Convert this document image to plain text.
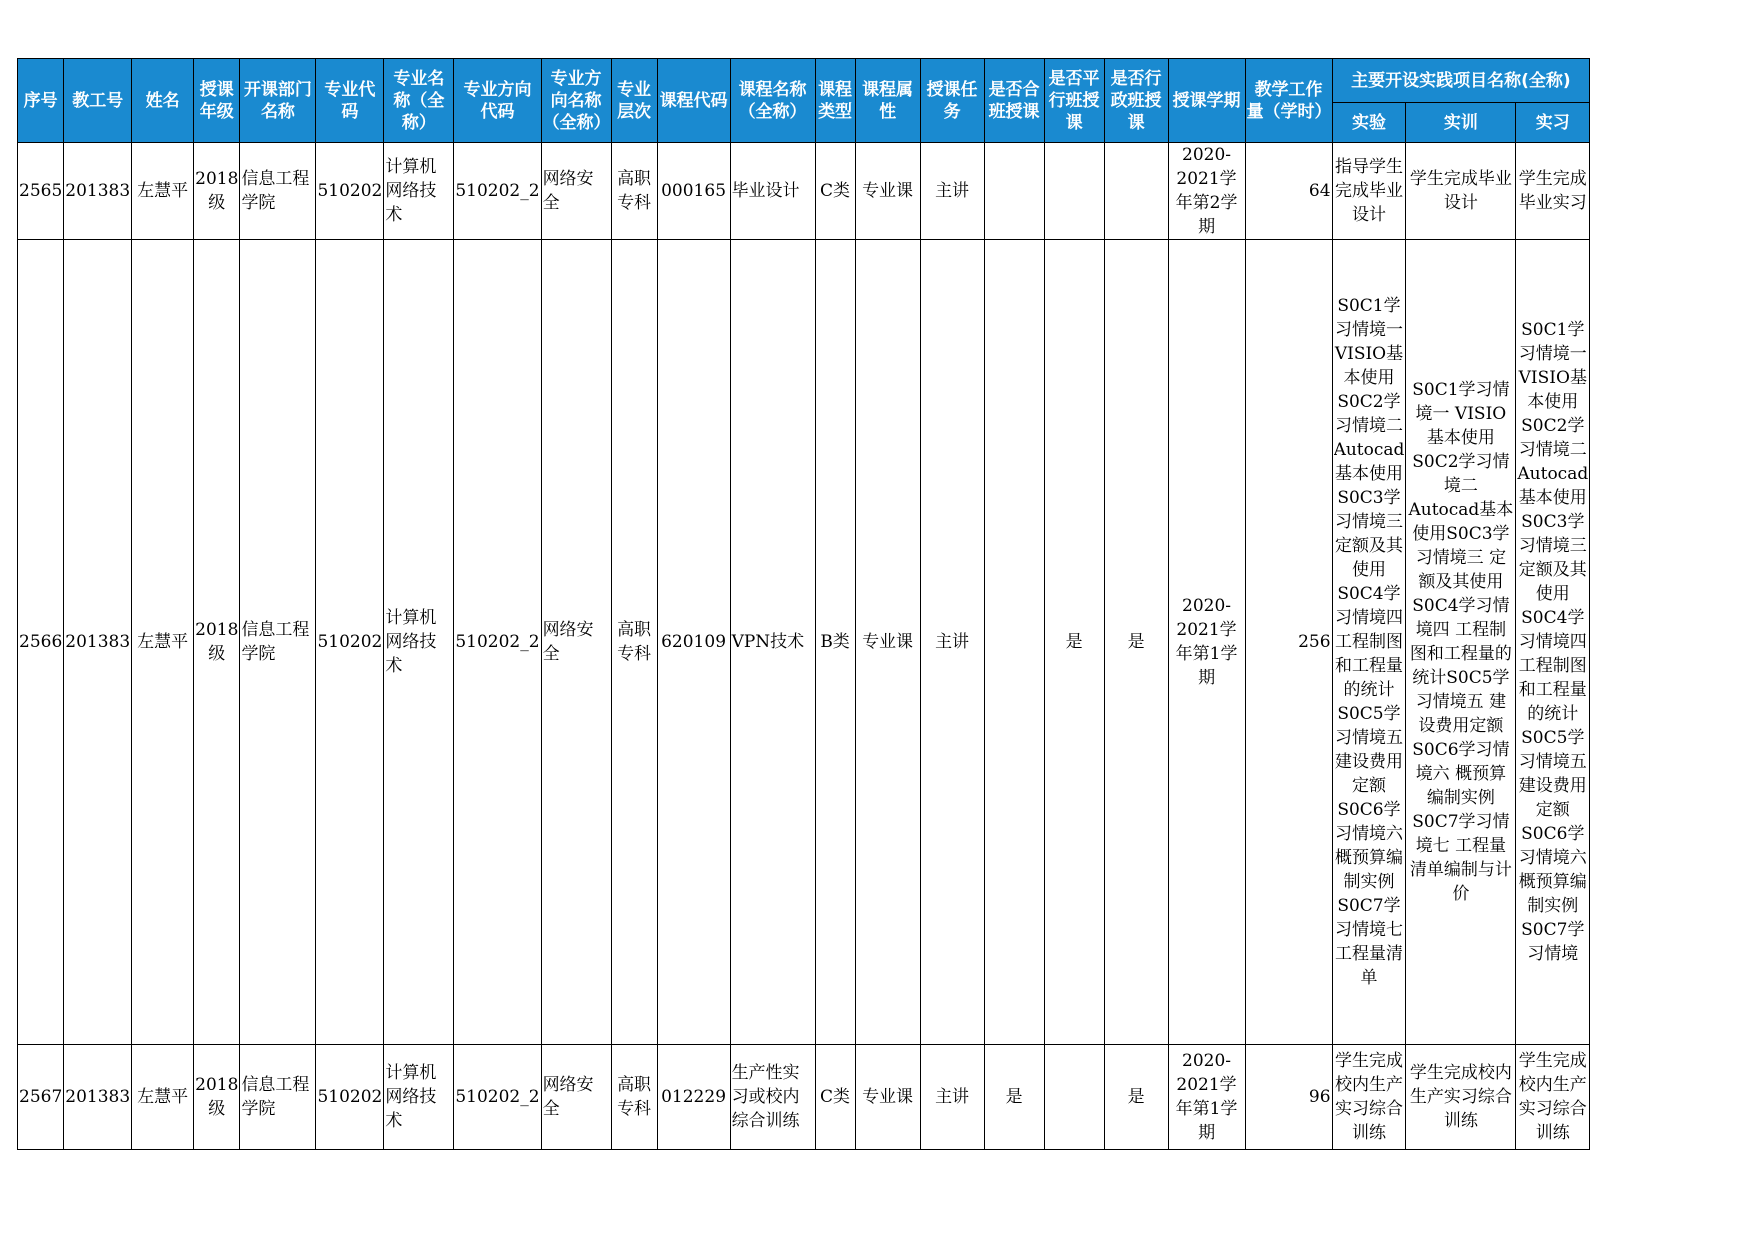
序号	教工号	姓名	授课年级	开课部门名称	专业代码	专业名称（全称）	专业方向代码	专业方向名称（全称）	专业层次	课程代码	课程名称（全称）	课程类型	课程属性	授课任务	是否合班授课	是否平行班授课	是否行政班授课	授课学期	教学工作量（学时）	主要开设实践项目名称(全称)		
																				实验	实训	实习
2565	201383	左慧平	2018级	信息工程学院	510202	计算机网络技术	510202_2	网络安全	高职专科	000165	毕业设计	C类	专业课	主讲				2020-2021学年第2学期	64	指导学生完成毕业设计	学生完成毕业设计	学生完成毕业实习

2566	201383	左慧平	2018级	信息工程学院	510202	计算机网络技术	510202_2	网络安全	高职专科	620109	VPN技术	B类	专业课	主讲		是	是	2020-2021学年第1学期	256	S0C1学习情境一 VISIO基本使用S0C2学习情境二 Autocad基本使用S0C3学习情境三 定额及其使用S0C4学习情境四 工程制图和工程量的统计S0C5学习情境五 建设费用定额S0C6学习情境六 概预算编制实例S0C7学习情境七 工程量清单	S0C1学习情境一 VISIO基本使用S0C2学习情境二 Autocad基本使用S0C3学习情境三 定额及其使用S0C4学习情境四 工程制图和工程量的统计S0C5学习情境五 建设费用定额S0C6学习情境六 概预算编制实例S0C7学习情境七 工程量清单编制与计价	S0C1学习情境一 VISIO基本使用S0C2学习情境二 Autocad基本使用S0C3学习情境三 定额及其使用S0C4学习情境四 工程制图和工程量的统计S0C5学习情境五 建设费用定额S0C6学习情境六 概预算编制实例S0C7学习情境

2567	201383	左慧平	2018级	信息工程学院	510202	计算机网络技术	510202_2	网络安全	高职专科	012229	生产性实习或校内综合训练	C类	专业课	主讲	是		是	2020-2021学年第1学期	96	学生完成校内生产实习综合训练	学生完成校内生产实习综合训练	学生完成校内生产实习综合训练
